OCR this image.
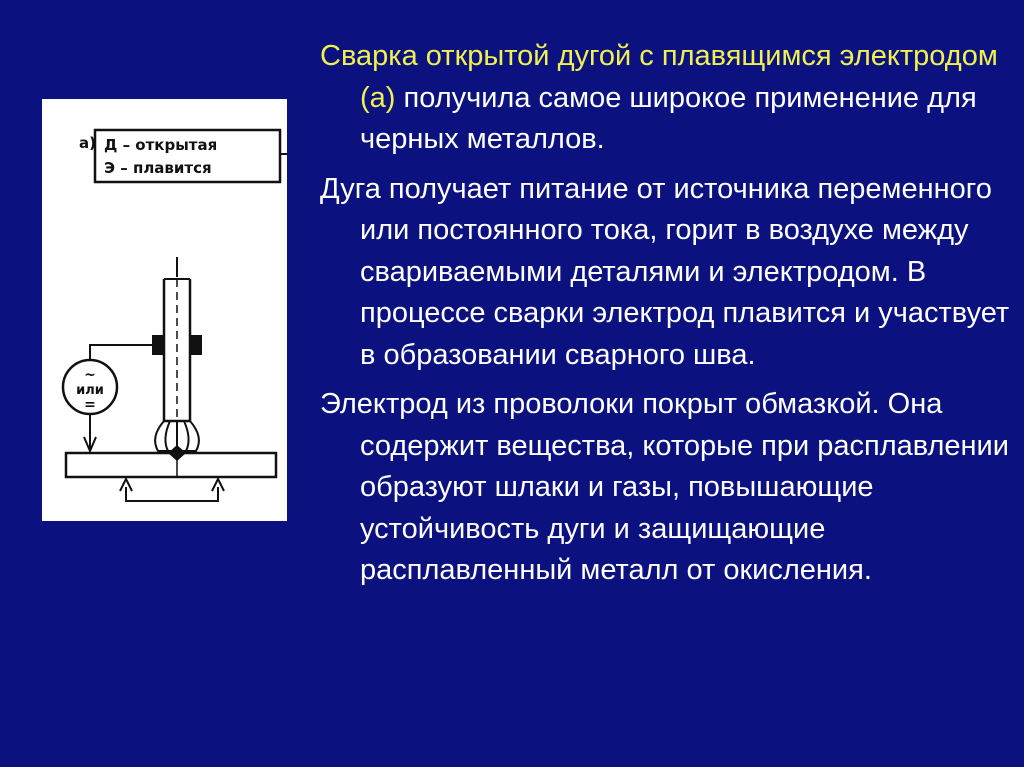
а) Д – открытая
Э – плавится
~
или
=

Сварка открытой дугой с плавящимся электродом (а) получила самое широкое применение для черных металлов.

Дуга получает питание от источника переменного или постоянного тока, горит в воздухе между свариваемыми деталями и электродом. В процессе сварки электрод плавится и участвует в образовании сварного шва.

Электрод из проволоки покрыт обмазкой. Она содержит вещества, которые при расплавлении образуют шлаки и газы, повышающие устойчивость дуги и защищающие расплавленный металл от окисления.
